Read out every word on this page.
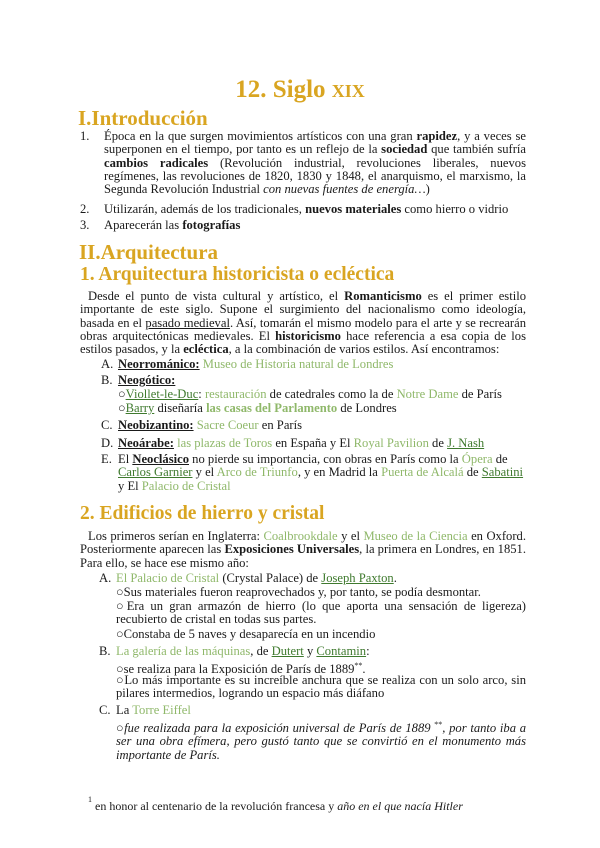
12. Siglo XIX
I.Introducción
1. Época en la que surgen movimientos artísticos con una gran rapidez, y a veces se superponen en el tiempo, por tanto es un reflejo de la sociedad que también sufría cambios radicales (Revolución industrial, revoluciones liberales, nuevos regímenes, las revoluciones de 1820, 1830 y 1848, el anarquismo, el marxismo, la Segunda Revolución Industrial con nuevas fuentes de energía…)
2. Utilizarán, además de los tradicionales, nuevos materiales como hierro o vidrio
3. Aparecerán las fotografías
II.Arquitectura
1. Arquitectura historicista o ecléctica
Desde el punto de vista cultural y artístico, el Romanticismo es el primer estilo importante de este siglo. Supone el surgimiento del nacionalismo como ideología, basada en el pasado medieval. Así, tomarán el mismo modelo para el arte y se recrearán obras arquitectónicas medievales. El historicismo hace referencia a esa copia de los estilos pasados, y la ecléctica, a la combinación de varios estilos. Así encontramos:
A. Neorrománico: Museo de Historia natural de Londres
B. Neogótico:
○Viollet-le-Duc: restauración de catedrales como la de Notre Dame de París
○Barry diseñaría las casas del Parlamento de Londres
C. Neobizantino: Sacre Coeur en París
D. Neoárabe: las plazas de Toros en España y El Royal Pavilion de J. Nash
E. El Neoclásico no pierde su importancia, con obras en París como la Ópera de Carlos Garnier y el Arco de Triunfo, y en Madrid la Puerta de Alcalá de Sabatini y El Palacio de Cristal
2. Edificios de hierro y cristal
Los primeros serían en Inglaterra: Coalbrookdale y el Museo de la Ciencia en Oxford. Posteriormente aparecen las Exposiciones Universales, la primera en Londres, en 1851. Para ello, se hace ese mismo año:
A. El Palacio de Cristal (Crystal Palace) de Joseph Paxton.
○Sus materiales fueron reaprovechados y, por tanto, se podía desmontar.
○Era un gran armazón de hierro (lo que aporta una sensación de ligereza) recubierto de cristal en todas sus partes.
○Constaba de 5 naves y desaparecía en un incendio
B. La galería de las máquinas, de Dutert y Contamin:
○se realiza para la Exposición de París de 1889**.
○Lo más importante es su increíble anchura que se realiza con un solo arco, sin pilares intermedios, logrando un espacio más diáfano
C. La Torre Eiffel
○fue realizada para la exposición universal de París de 1889 **, por tanto iba a ser una obra efímera, pero gustó tanto que se convirtió en el monumento más importante de París.
$^1$ en honor al centenario de la revolución francesa y año en el que nacía Hitler
